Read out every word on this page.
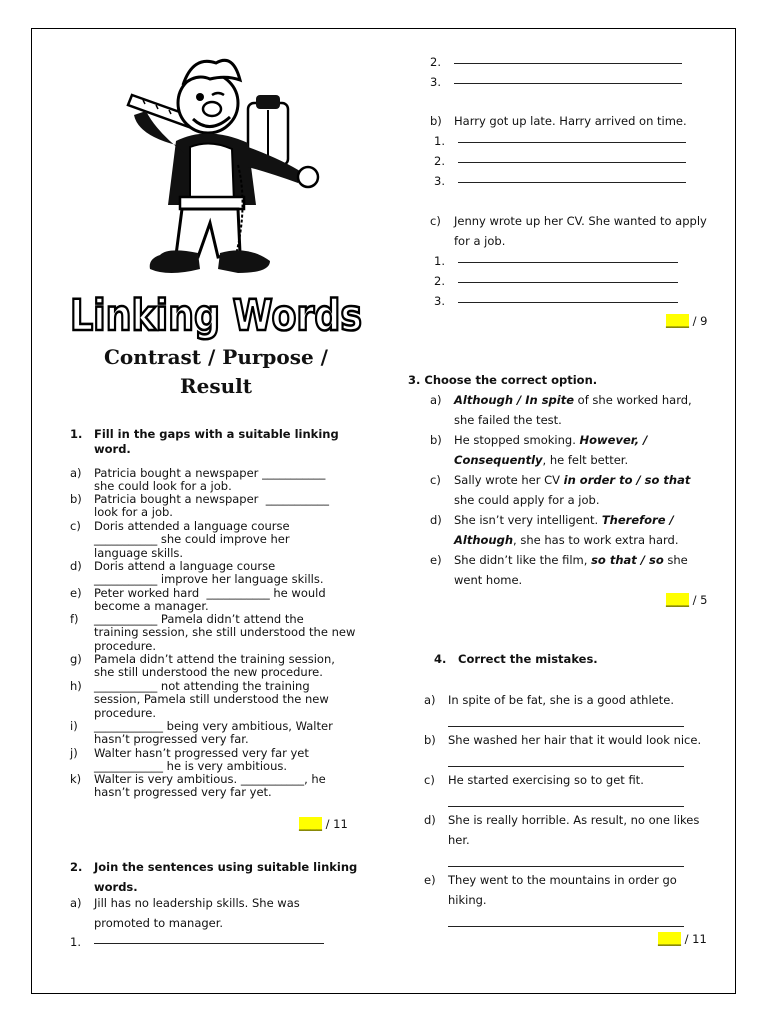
Linking Words
Contrast / Purpose /
Result
1.	Fill in the gaps with a suitable linking word.
a)	Patricia bought a newspaper ___________
she could look for a job.
b)	Patricia bought a newspaper  ___________
look for a job.
c)	Doris attended a language course
___________ she could improve her
language skills.
d)	Doris attend a language course
___________ improve her language skills.
e)	Peter worked hard  ___________ he would
become a manager.
f)	___________ Pamela didn’t attend the
training session, she still understood the new
procedure.
g)	Pamela didn’t attend the training session,
she still understood the new procedure.
h)	___________ not attending the training
session, Pamela still understood the new
procedure.
i)	____________ being very ambitious, Walter
hasn’t progressed very far.
j)	Walter hasn’t progressed very far yet
____________ he is very ambitious.
k)	Walter is very ambitious. ___________, he
hasn’t progressed very far yet.
____ / 11
2.	Join the sentences using suitable linking
words.
a)	Jill has no leadership skills. She was
promoted to manager.
1.
2.
3.
b)	Harry got up late. Harry arrived on time.
1.
2.
3.
c)	Jenny wrote up her CV. She wanted to apply
for a job.
1.
2.
3.
____ / 9
3. Choose the correct option.
a)	Although / In spite of she worked hard,
she failed the test.
b)	He stopped smoking. However, /
Consequently, he felt better.
c)	Sally wrote her CV in order to / so that
she could apply for a job.
d)	She isn’t very intelligent. Therefore /
Although, she has to work extra hard.
e)	She didn’t like the film, so that / so she
went home.
____ / 5
4.	Correct the mistakes.
a)	In spite of be fat, she is a good athlete.
b)	She washed her hair that it would look nice.
c)	He started exercising so to get fit.
d)	She is really horrible. As result, no one likes
her.
e)	They went to the mountains in order go
hiking.
____ / 11
